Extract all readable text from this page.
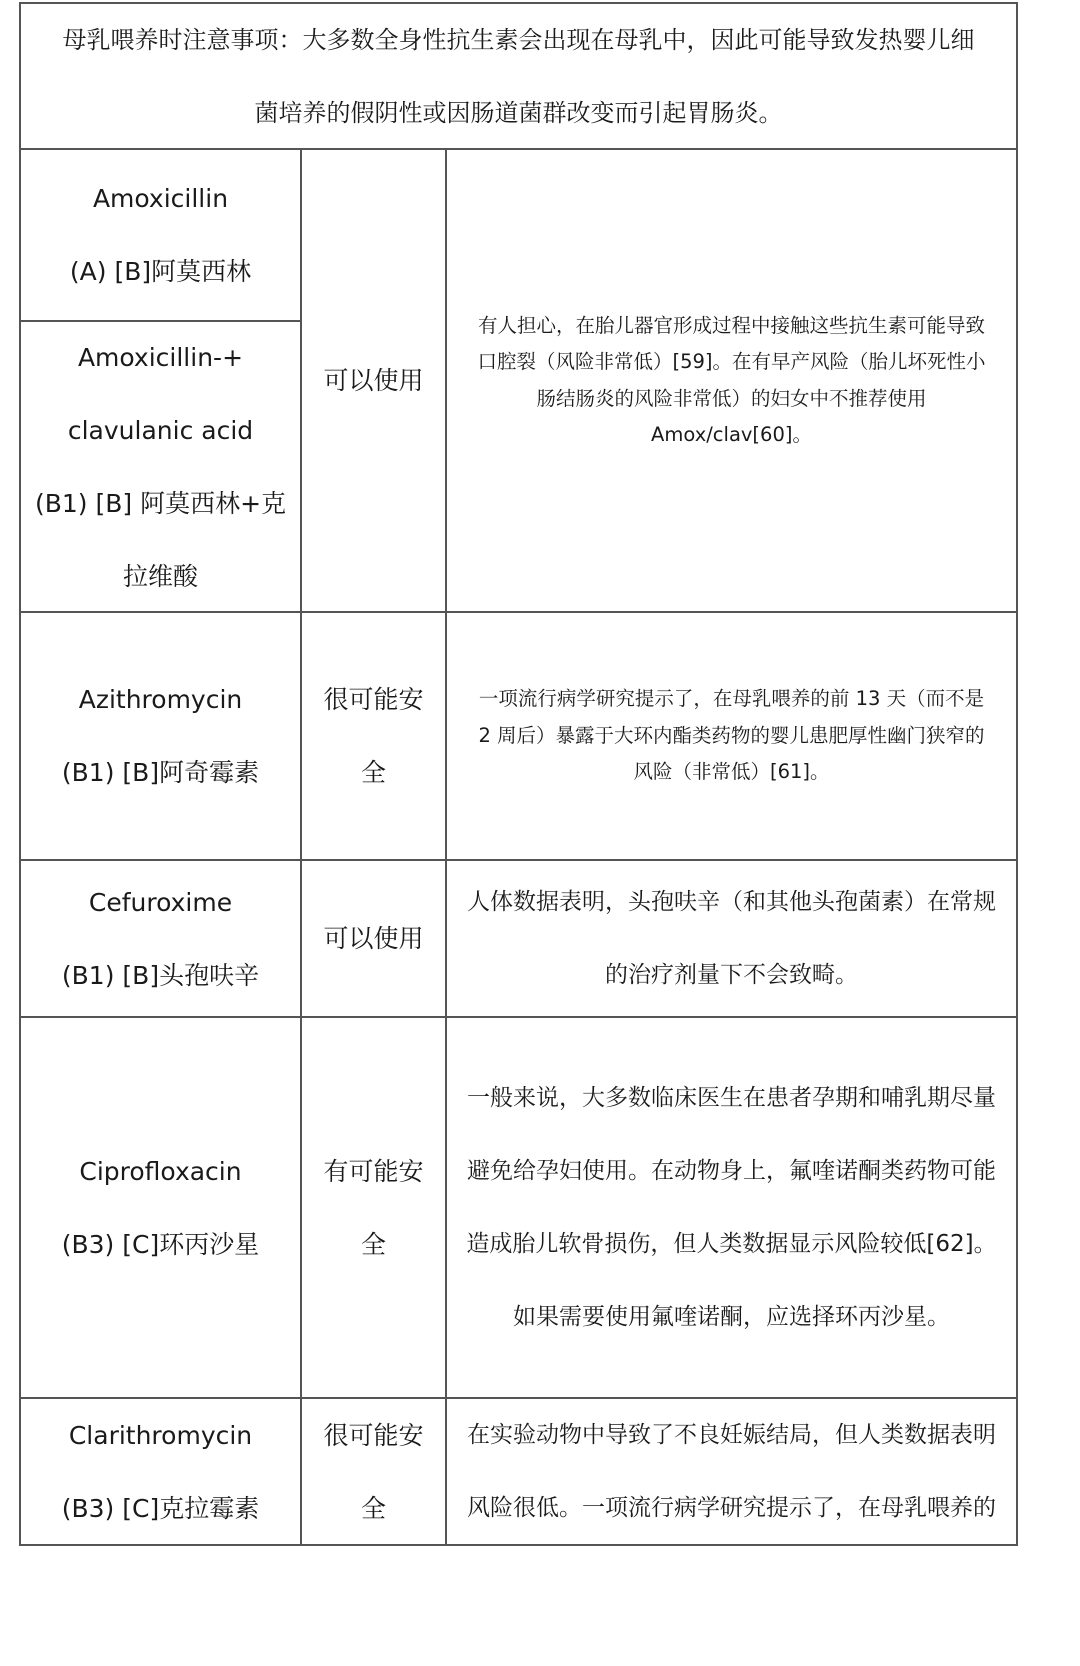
母乳喂养时注意事项：大多数全身性抗生素会出现在母乳中，因此可能导致发热婴儿细
菌培养的假阴性或因肠道菌群改变而引起胃肠炎。
Amoxicillin
(A) [B]阿莫西林
Amoxicillin-+
clavulanic acid
(B1) [B] 阿莫西林+克
拉维酸
可以使用
有人担心，在胎儿器官形成过程中接触这些抗生素可能导致
口腔裂（风险非常低）[59]。在有早产风险（胎儿坏死性小
肠结肠炎的风险非常低）的妇女中不推荐使用
Amox/clav[60]。
Azithromycin
(B1) [B]阿奇霉素
很可能安
全
一项流行病学研究提示了，在母乳喂养的前 13 天（而不是
2 周后）暴露于大环内酯类药物的婴儿患肥厚性幽门狭窄的
风险（非常低）[61]。
Cefuroxime
(B1) [B]头孢呋辛
可以使用
人体数据表明，头孢呋辛（和其他头孢菌素）在常规
的治疗剂量下不会致畸。
Ciprofloxacin
(B3) [C]环丙沙星
有可能安
全
一般来说，大多数临床医生在患者孕期和哺乳期尽量
避免给孕妇使用。在动物身上，氟喹诺酮类药物可能
造成胎儿软骨损伤，但人类数据显示风险较低[62]。
如果需要使用氟喹诺酮，应选择环丙沙星。
Clarithromycin
(B3) [C]克拉霉素
很可能安
全
在实验动物中导致了不良妊娠结局，但人类数据表明
风险很低。一项流行病学研究提示了，在母乳喂养的
